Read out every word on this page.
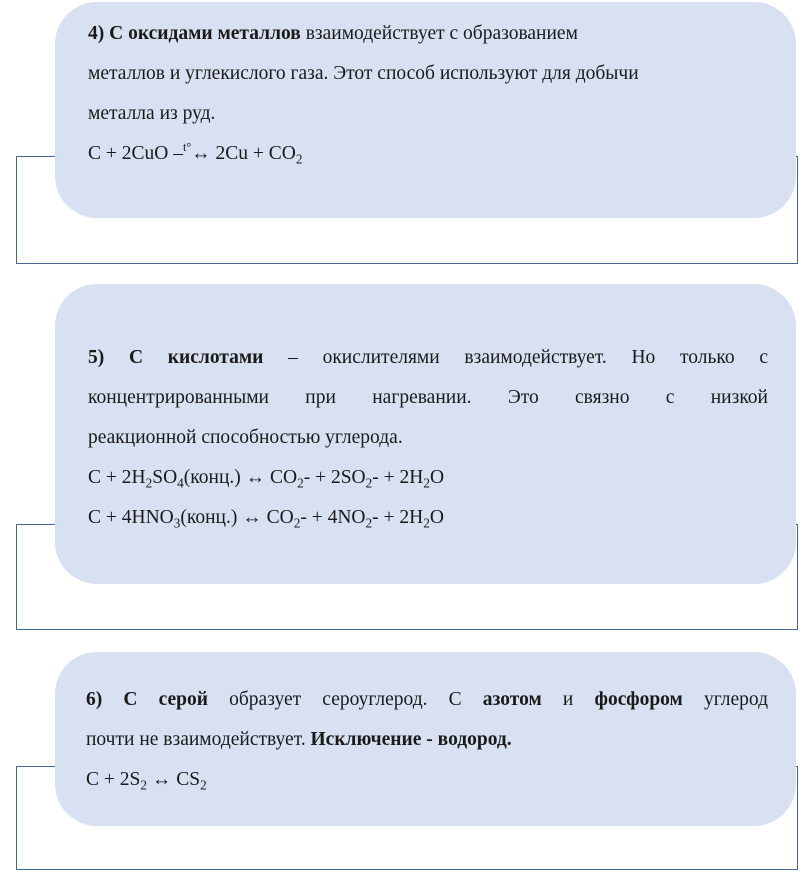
4) С оксидами металлов взаимодействует с образованием
металлов и углекислого газа. Этот способ используют для добычи
металла из руд.
C + 2CuO –$^{t^\circ}$↔ $2Cu + CO_2$
5) С кислотами – окислителями взаимодействует. Но только с
концентрированными при нагревании. Это связно с низкой
реакционной способностью углерода.
$C + 2H_2SO_4(конц.)$ ↔ $CO_2- + 2SO_2- + 2H_2O$
$C + 4HNO_3(конц.)$ ↔ $CO_2- + 4NO_2- + 2H_2O$
6) С серой образует сероуглерод. С азотом и фосфором углерод
почти не взаимодействует. Исключение - водород.
$C + 2S_2$ ↔ $CS_2$
